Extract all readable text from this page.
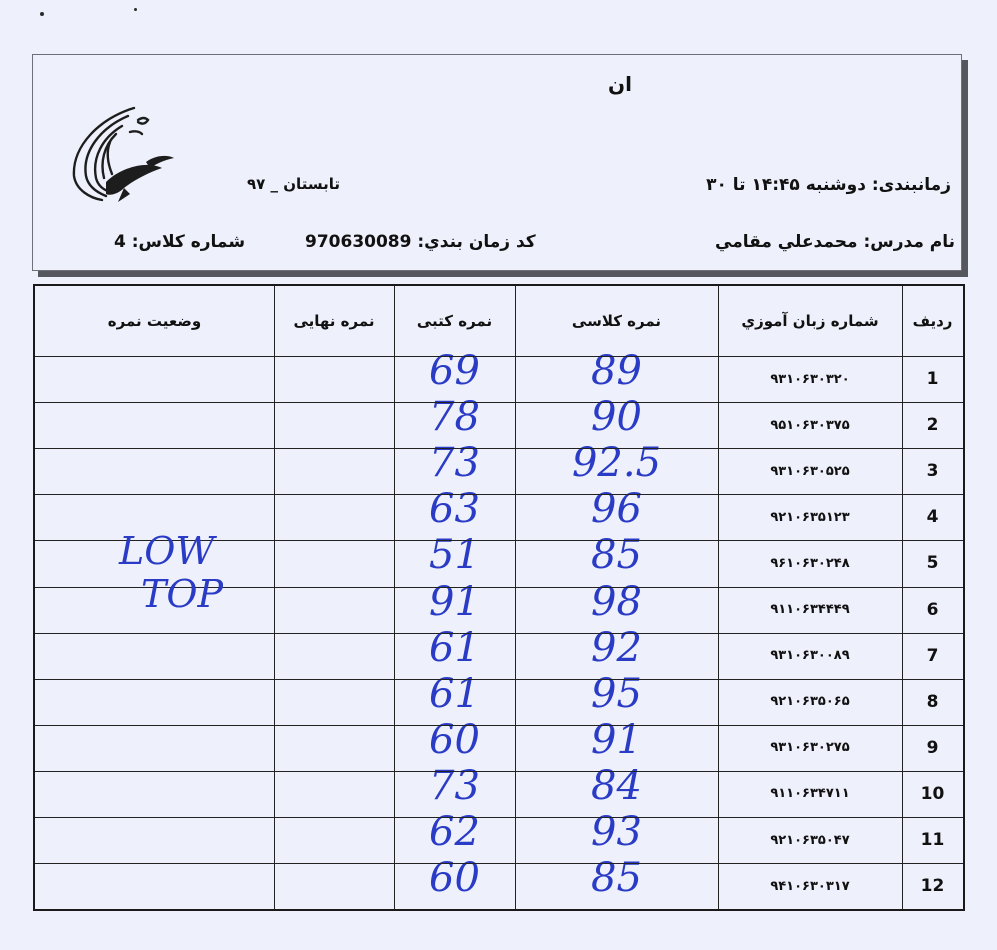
ان
زمانبندی: دوشنبه ۱۴:۴۵ تا ۳۰
تابستان _ ۹۷
نام مدرس: محمدعلي مقامي
کد زمان بندي: 970630089
شماره کلاس: 4
رديف
شماره زبان آموزي
نمره کلاسی
نمره کتبی
نمره نهایی
وضعیت نمره
1
۹۳۱۰۶۳۰۳۲۰
89
69
2
۹۵۱۰۶۳۰۳۷۵
90
78
3
۹۳۱۰۶۳۰۵۲۵
92.5
73
4
۹۲۱۰۶۳۵۱۲۳
96
63
5
۹۶۱۰۶۳۰۲۴۸
85
51
6
۹۱۱۰۶۳۴۴۴۹
98
91
7
۹۳۱۰۶۳۰۰۸۹
92
61
8
۹۲۱۰۶۳۵۰۶۵
95
61
9
۹۳۱۰۶۳۰۲۷۵
91
60
10
۹۱۱۰۶۳۴۷۱۱
84
73
11
۹۲۱۰۶۳۵۰۴۷
93
62
12
۹۴۱۰۶۳۰۳۱۷
85
60
LOW
TOP
